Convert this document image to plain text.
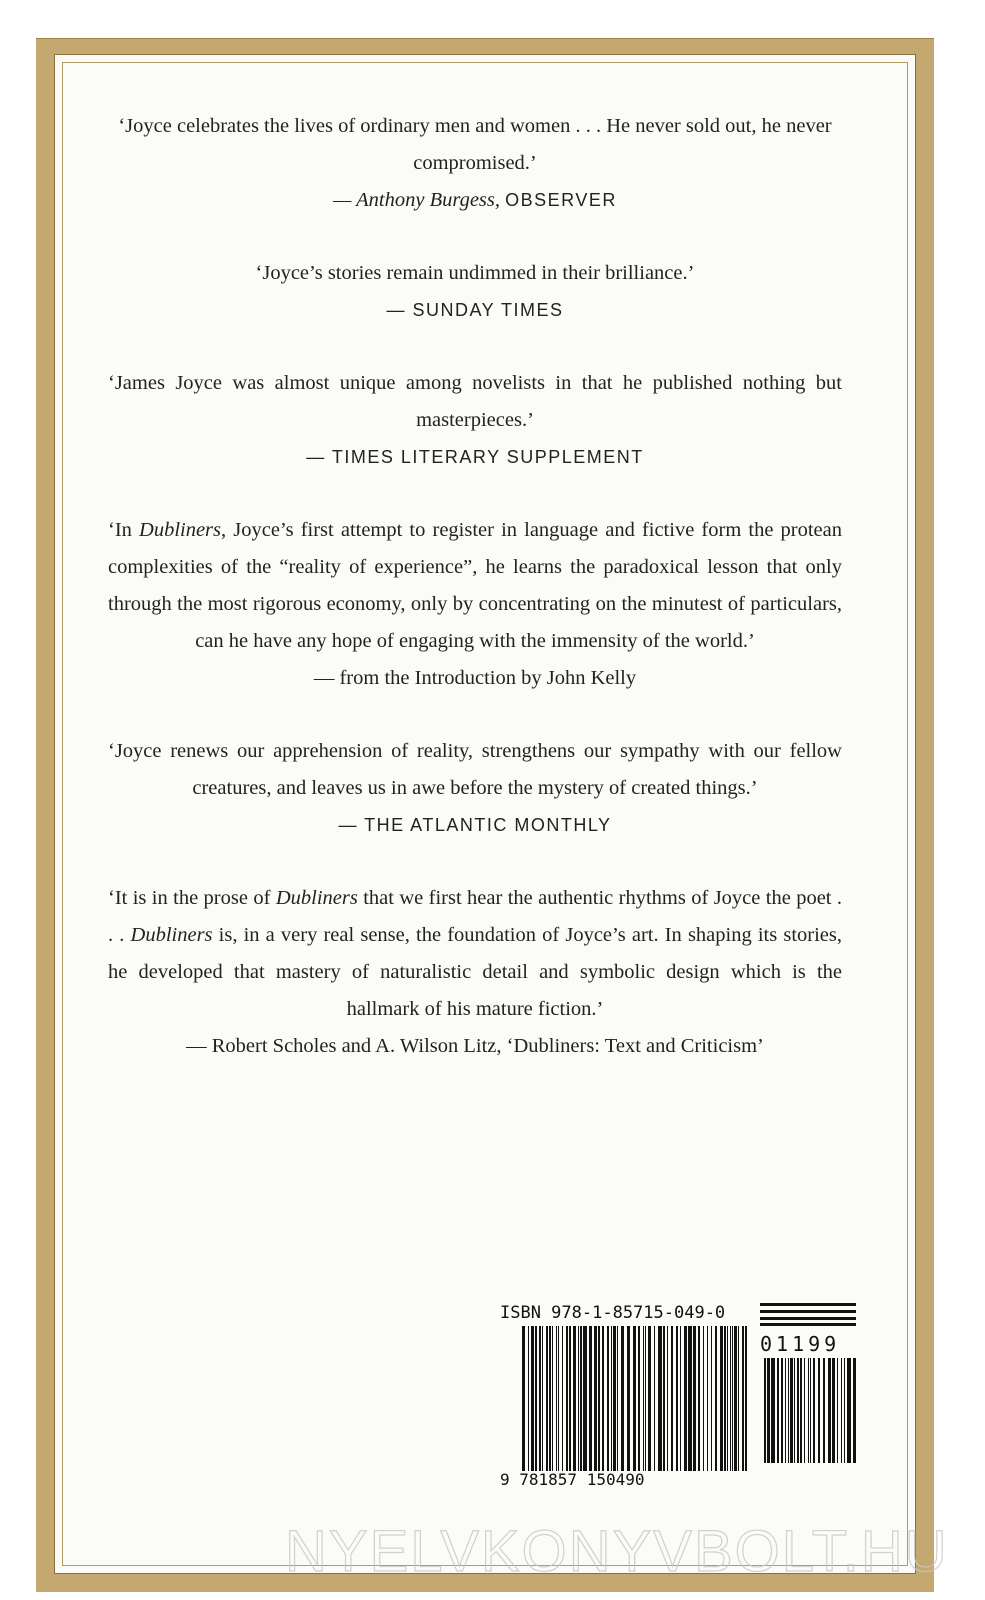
‘Joyce celebrates the lives of ordinary men and women . . . He never sold out, he never compromised.’
— Anthony Burgess, OBSERVER
‘Joyce’s stories remain undimmed in their brilliance.’
— SUNDAY TIMES
‘James Joyce was almost unique among novelists in that he published nothing but masterpieces.’
— TIMES LITERARY SUPPLEMENT
‘In Dubliners, Joyce’s first attempt to register in language and fictive form the protean complexities of the “reality of experience”, he learns the paradoxical lesson that only through the most rigorous economy, only by concentrating on the minutest of particulars, can he have any hope of engaging with the immensity of the world.’
— from the Introduction by John Kelly
‘Joyce renews our apprehension of reality, strengthens our sympathy with our fellow creatures, and leaves us in awe before the mystery of created things.’
— THE ATLANTIC MONTHLY
‘It is in the prose of Dubliners that we first hear the authentic rhythms of Joyce the poet . . . Dubliners is, in a very real sense, the foundation of Joyce’s art. In shaping its stories, he developed that mastery of naturalistic detail and symbolic design which is the hallmark of his mature fiction.’
— Robert Scholes and A. Wilson Litz, ‘Dubliners: Text and Criticism’
ISBN 978-1-85715-049-0
9 781857 150490
01199
NYELVKONYVBOLT.HU
